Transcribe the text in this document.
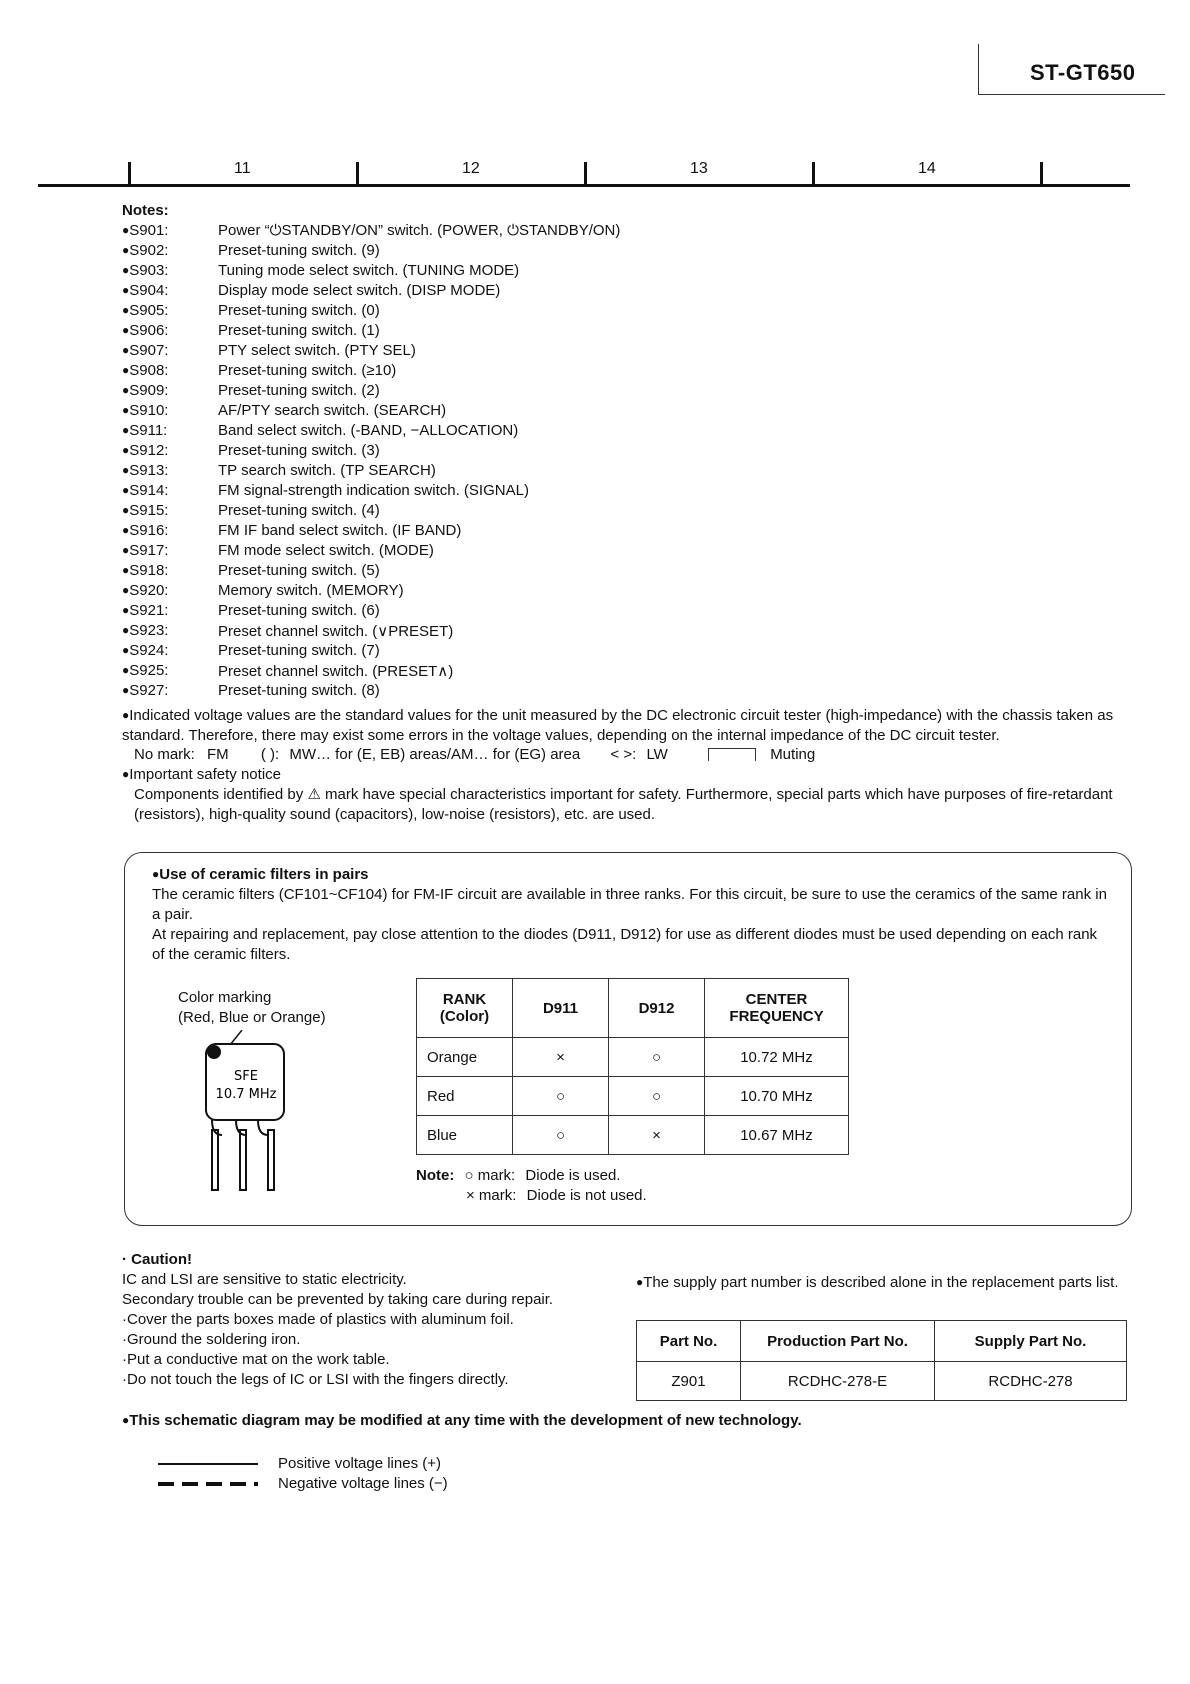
ST-GT650
11	12	13	14
Notes:
●S901:	Power “⏻STANDBY/ON” switch. (POWER, ⏻STANDBY/ON)
●S902:	Preset-tuning switch. (9)
●S903:	Tuning mode select switch. (TUNING MODE)
●S904:	Display mode select switch. (DISP MODE)
●S905:	Preset-tuning switch. (0)
●S906:	Preset-tuning switch. (1)
●S907:	PTY select switch. (PTY SEL)
●S908:	Preset-tuning switch. (≥10)
●S909:	Preset-tuning switch. (2)
●S910:	AF/PTY search switch. (SEARCH)
●S911:	Band select switch. (-BAND, −ALLOCATION)
●S912:	Preset-tuning switch. (3)
●S913:	TP search switch. (TP SEARCH)
●S914:	FM signal-strength indication switch. (SIGNAL)
●S915:	Preset-tuning switch. (4)
●S916:	FM IF band select switch. (IF BAND)
●S917:	FM mode select switch. (MODE)
●S918:	Preset-tuning switch. (5)
●S920:	Memory switch. (MEMORY)
●S921:	Preset-tuning switch. (6)
●S923:	Preset channel switch. (∨PRESET)
●S924:	Preset-tuning switch. (7)
●S925:	Preset channel switch. (PRESET∧)
●S927:	Preset-tuning switch. (8)
●Indicated voltage values are the standard values for the unit measured by the DC electronic circuit tester (high-impedance) with the chassis taken as standard. Therefore, there may exist some errors in the voltage values, depending on the internal impedance of the DC circuit tester.
No mark: FM ( ): MW… for (E, EB) areas/AM… for (EG) area < >: LW	Muting
●Important safety notice
Components identified by ⚠ mark have special characteristics important for safety. Furthermore, special parts which have purposes of fire-retardant (resistors), high-quality sound (capacitors), low-noise (resistors), etc. are used.
●Use of ceramic filters in pairs
The ceramic filters (CF101~CF104) for FM-IF circuit are available in three ranks. For this circuit, be sure to use the ceramics of the same rank in a pair.
At repairing and replacement, pay close attention to the diodes (D911, D912) for use as different diodes must be used depending on each rank of the ceramic filters.
Color marking
(Red, Blue or Orange)
SFE
10.7 MHz
RANK (Color)	D911	D912	CENTER FREQUENCY
Orange	×	○	10.72 MHz
Red	○	○	10.70 MHz
Blue	○	×	10.67 MHz
Note: ○ mark: Diode is used.
× mark: Diode is not used.
· Caution!
IC and LSI are sensitive to static electricity.
Secondary trouble can be prevented by taking care during repair.
·Cover the parts boxes made of plastics with aluminum foil.
·Ground the soldering iron.
·Put a conductive mat on the work table.
·Do not touch the legs of IC or LSI with the fingers directly.
●The supply part number is described alone in the replacement parts list.
Part No.	Production Part No.	Supply Part No.
Z901	RCDHC-278-E	RCDHC-278
●This schematic diagram may be modified at any time with the development of new technology.
Positive voltage lines (+)
Negative voltage lines (−)
